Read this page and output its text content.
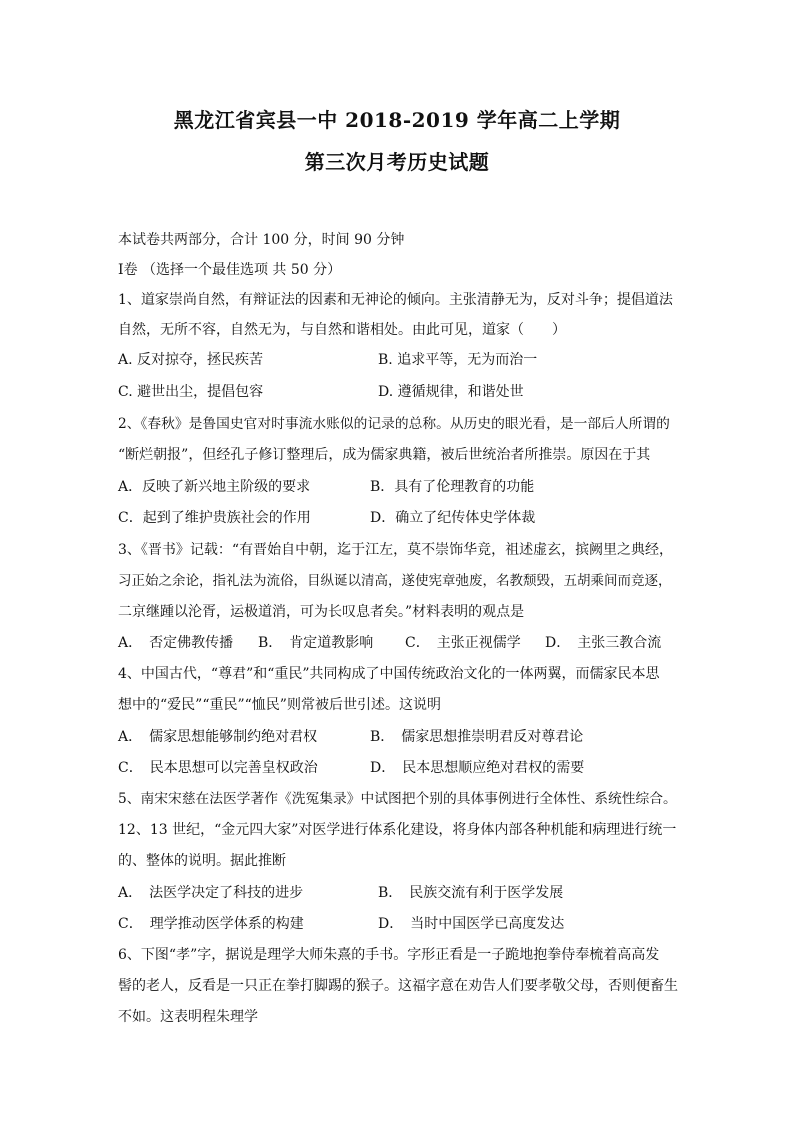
黑龙江省宾县一中 2018-2019 学年高二上学期
第三次月考历史试题
本试卷共两部分，合计 100 分，时间 90 分钟
Ⅰ卷 （选择一个最佳选项 共 50 分）
1、道家崇尚自然，有辩证法的因素和无神论的倾向。主张清静无为，反对斗争；提倡道法
自然，无所不容，自然无为，与自然和谐相处。由此可见，道家（　　）
A. 反对掠夺，拯民疾苦	B. 追求平等，无为而治一
C. 避世出尘，提倡包容	D. 遵循规律，和谐处世
2、《春秋》是鲁国史官对时事流水账似的记录的总称。从历史的眼光看，是一部后人所谓的
“断烂朝报”，但经孔子修订整理后，成为儒家典籍，被后世统治者所推崇。原因在于其
A．反映了新兴地主阶级的要求	B．具有了伦理教育的功能
C．起到了维护贵族社会的作用	D．确立了纪传体史学体裁
3、《晋书》记载：“有晋始自中朝，迄于江左，莫不崇饰华竞，祖述虚玄，摈阙里之典经，
习正始之余论，指礼法为流俗，目纵诞以清高，遂使宪章弛废，名教颓毁，五胡乘间而竞逐，
二京继踵以沦胥，运极道消，可为长叹息者矣。”材料表明的观点是
A．　否定佛教传播 B．　肯定道教影响 C．　主张正视儒学 D．　主张三教合流
4、中国古代，“尊君”和“重民”共同构成了中国传统政治文化的一体两翼，而儒家民本思
想中的“爱民”“重民”“恤民”则常被后世引述。这说明
A．　儒家思想能够制约绝对君权	B．　儒家思想推崇明君反对尊君论
C．　民本思想可以完善皇权政治	D．　民本思想顺应绝对君权的需要
5、南宋宋慈在法医学著作《洗冤集录》中试图把个别的具体事例进行全体性、系统性综合。
12、13 世纪，“金元四大家”对医学进行体系化建设，将身体内部各种机能和病理进行统一
的、整体的说明。据此推断
A．　法医学决定了科技的进步	B．　民族交流有利于医学发展
C．　理学推动医学体系的构建	D．　当时中国医学已高度发达
6、下图“孝”字，据说是理学大师朱熹的手书。字形正看是一子跪地抱拳侍奉梳着高高发
髻的老人，反看是一只正在拳打脚踢的猴子。这福字意在劝告人们要孝敬父母，否则便畜生
不如。这表明程朱理学
